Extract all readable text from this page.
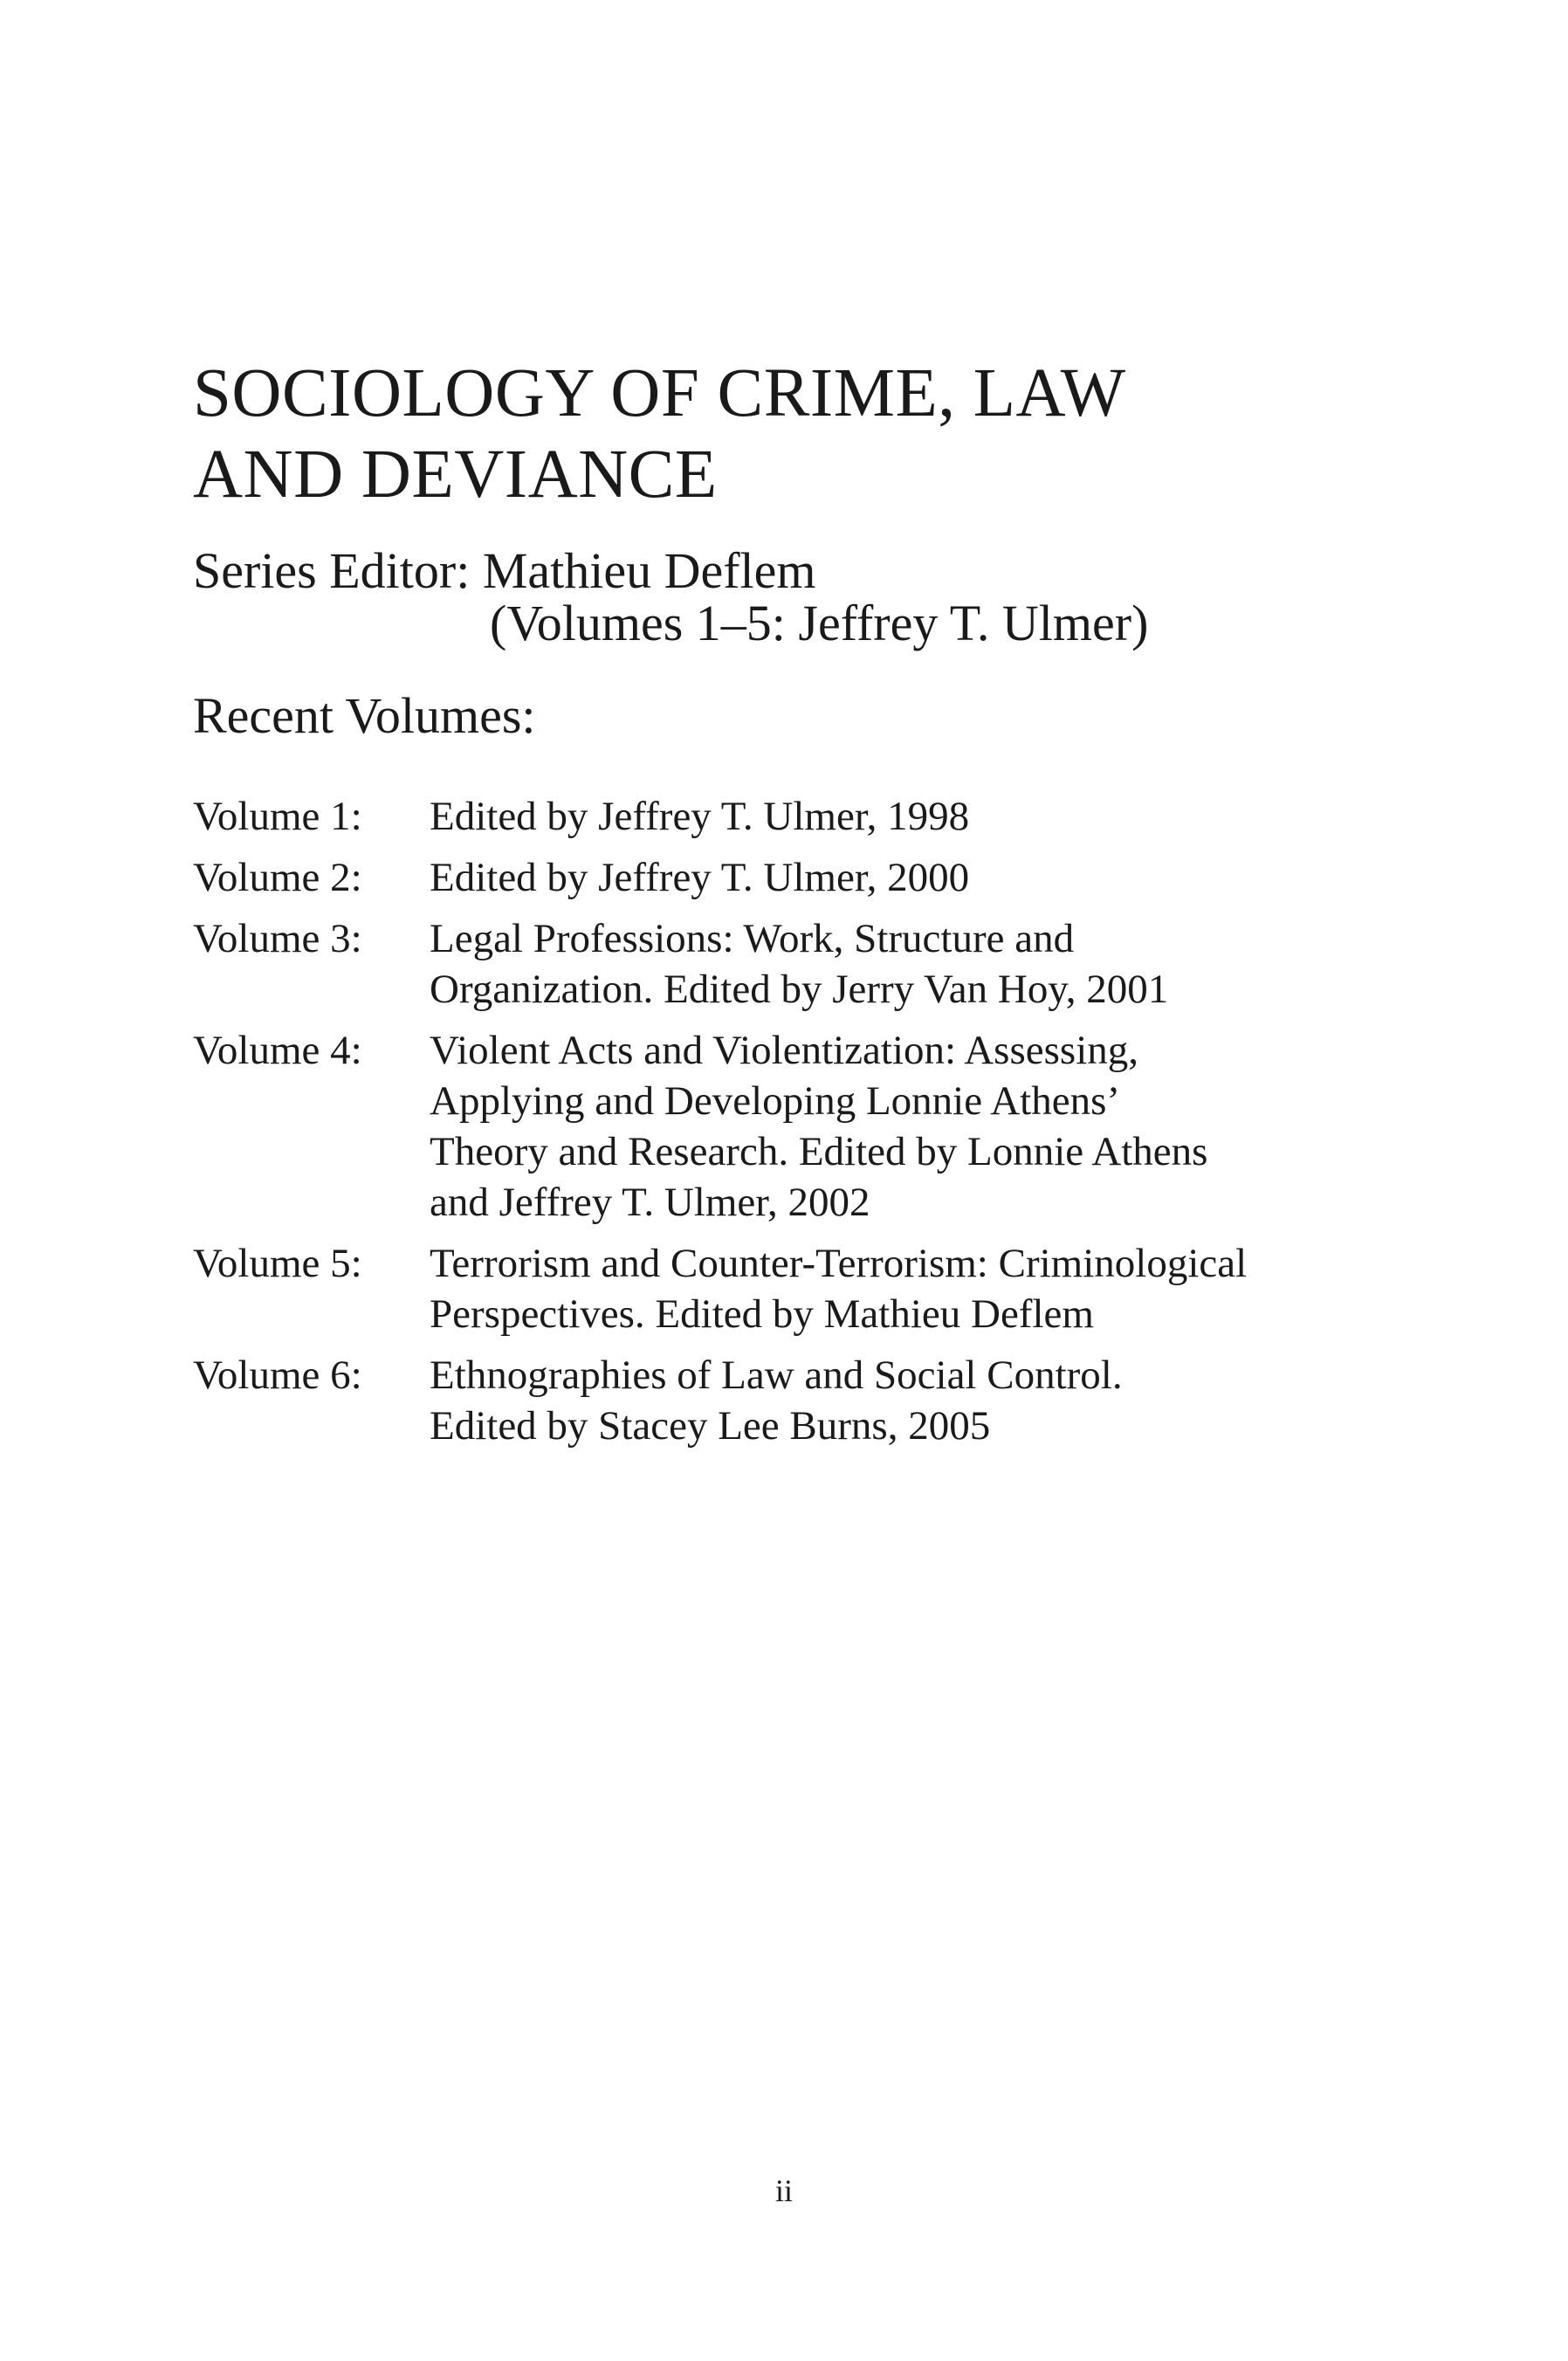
SOCIOLOGY OF CRIME, LAW
AND DEVIANCE
Series Editor: Mathieu Deflem
(Volumes 1–5: Jeffrey T. Ulmer)
Recent Volumes:
Volume 1:	Edited by Jeffrey T. Ulmer, 1998
Volume 2:	Edited by Jeffrey T. Ulmer, 2000
Volume 3:	Legal Professions: Work, Structure and
Organization. Edited by Jerry Van Hoy, 2001
Volume 4:	Violent Acts and Violentization: Assessing,
Applying and Developing Lonnie Athens’
Theory and Research. Edited by Lonnie Athens
and Jeffrey T. Ulmer, 2002
Volume 5:	Terrorism and Counter-Terrorism: Criminological
Perspectives. Edited by Mathieu Deflem
Volume 6:	Ethnographies of Law and Social Control.
Edited by Stacey Lee Burns, 2005
ii
